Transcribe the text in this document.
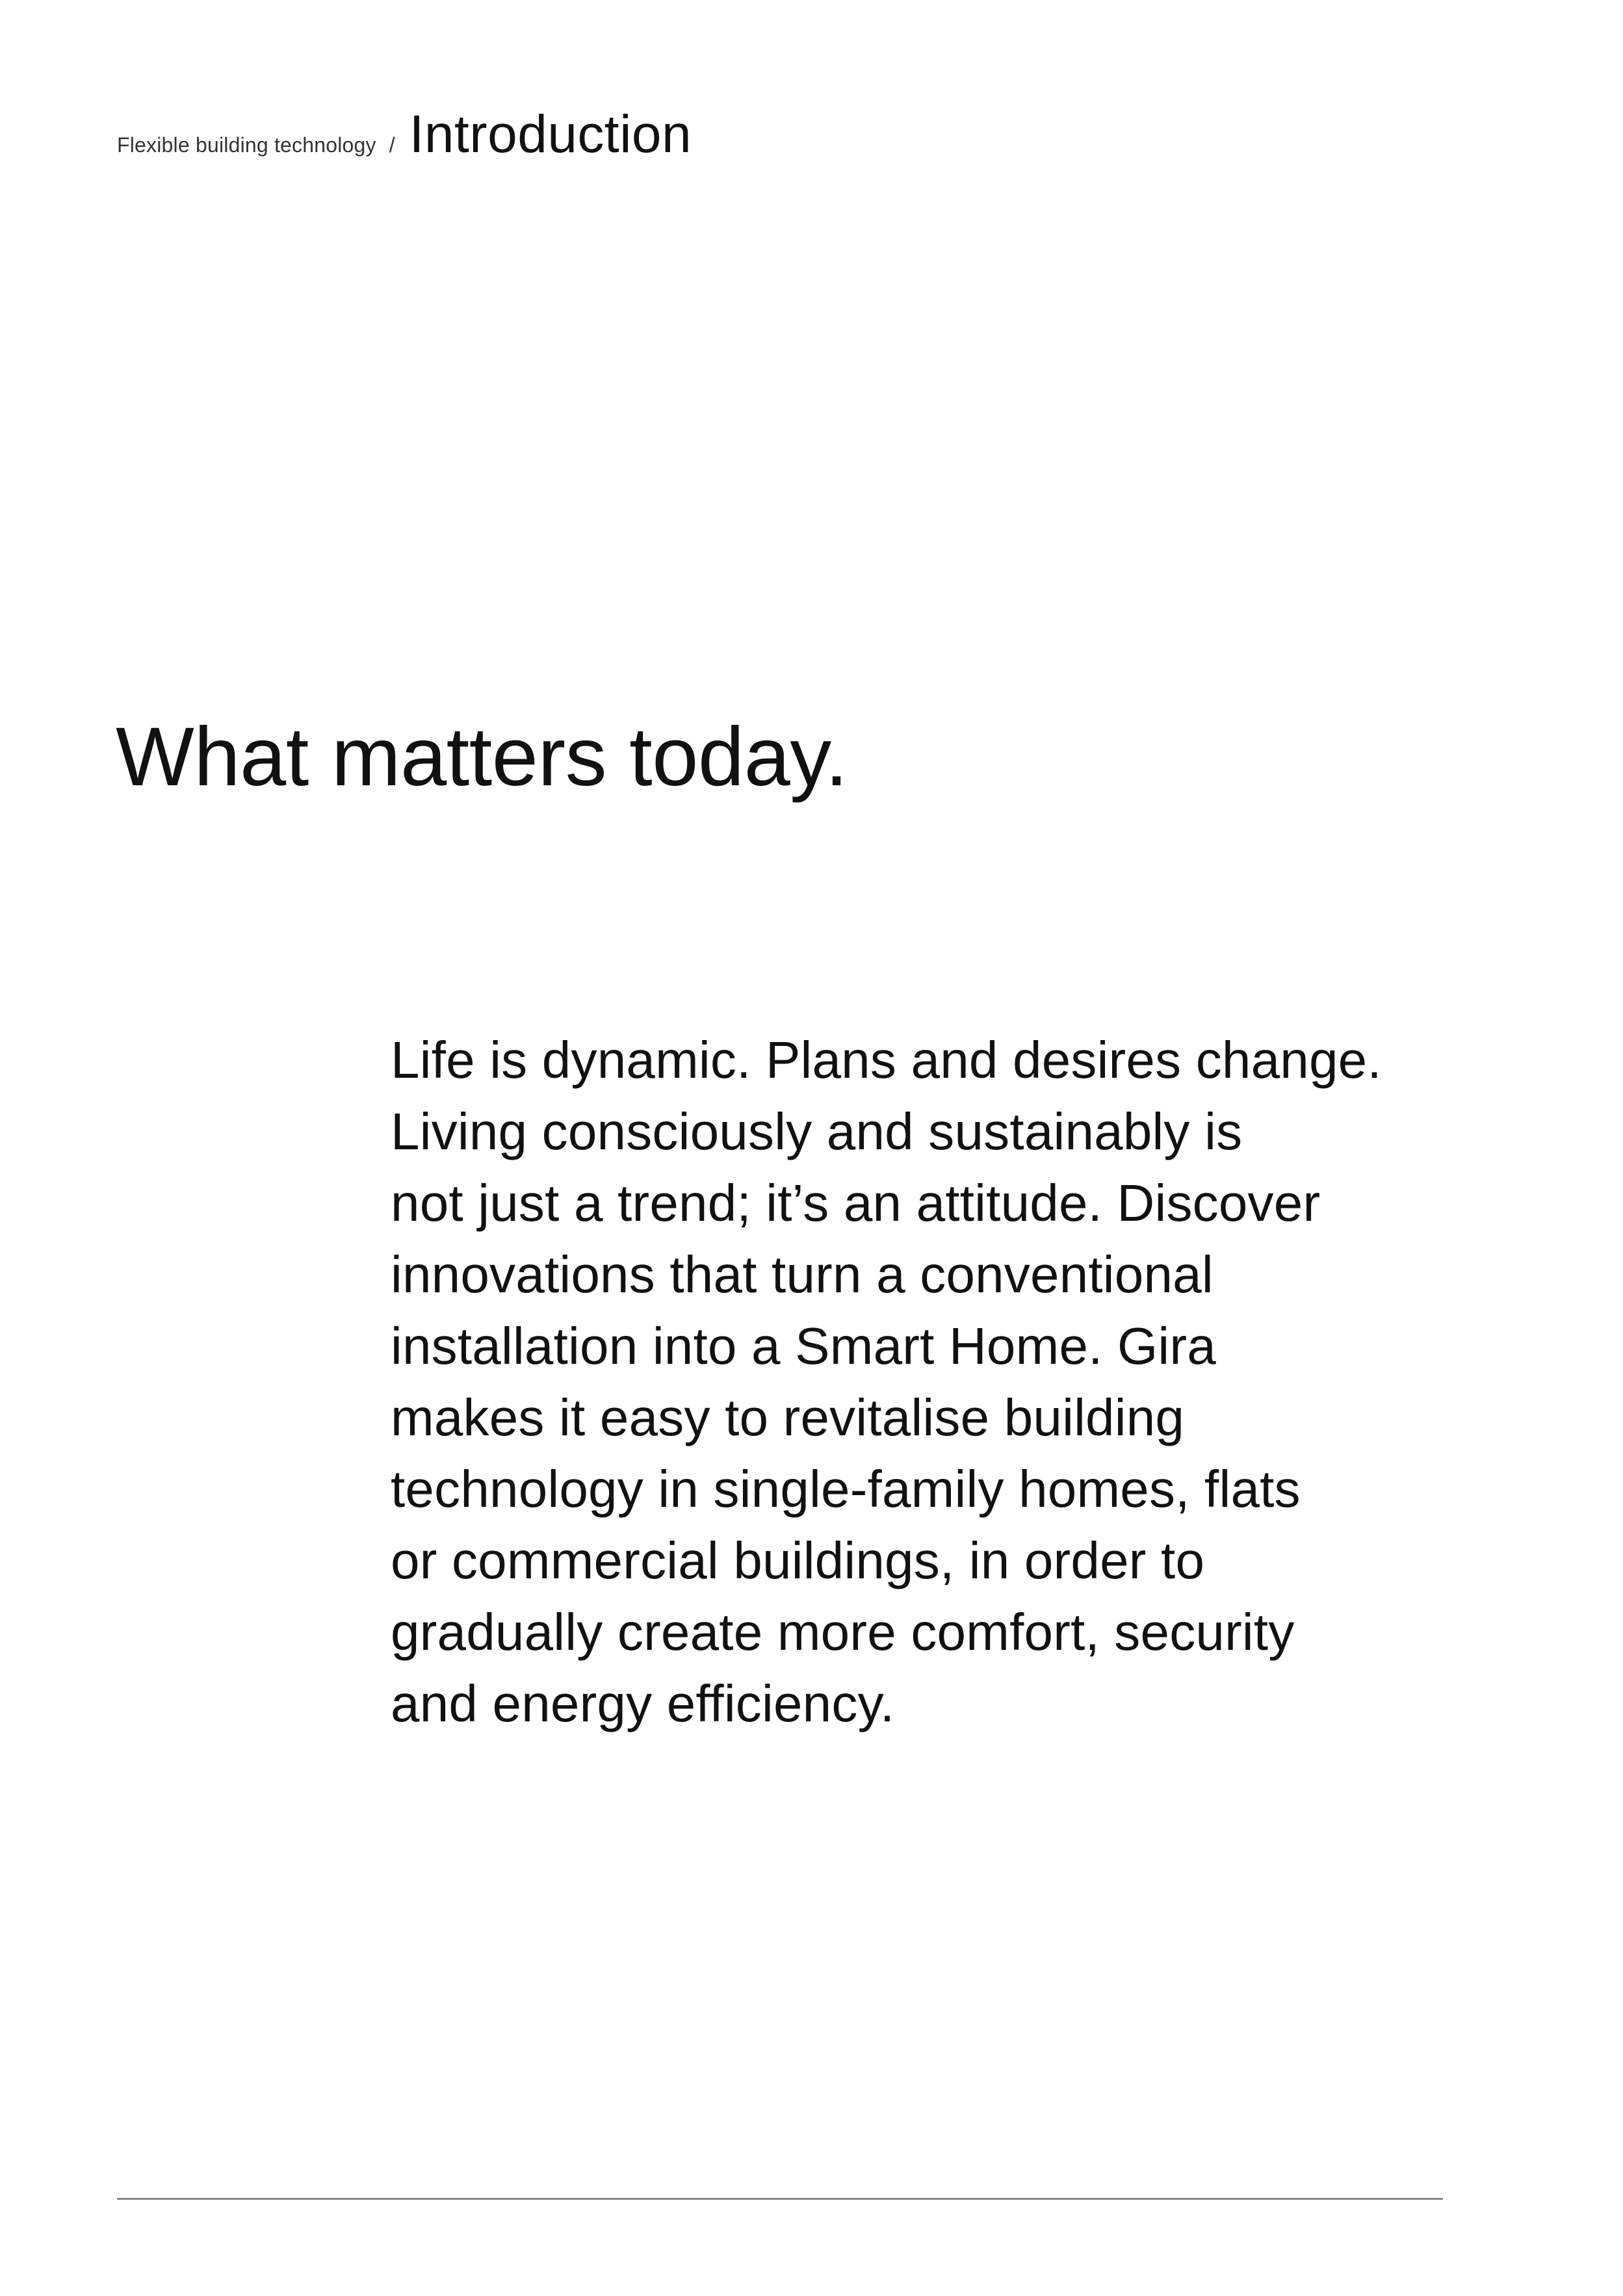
Flexible building technology / Introduction
What matters today.

Life is dynamic. Plans and desires change.
Living consciously and sustainably is
not just a trend; it’s an attitude. Discover
innovations that turn a conventional
installation into a Smart Home. Gira
makes it easy to revitalise building
technology in single-family homes, flats
or commercial buildings, in order to
gradually create more comfort, security
and energy efficiency.
